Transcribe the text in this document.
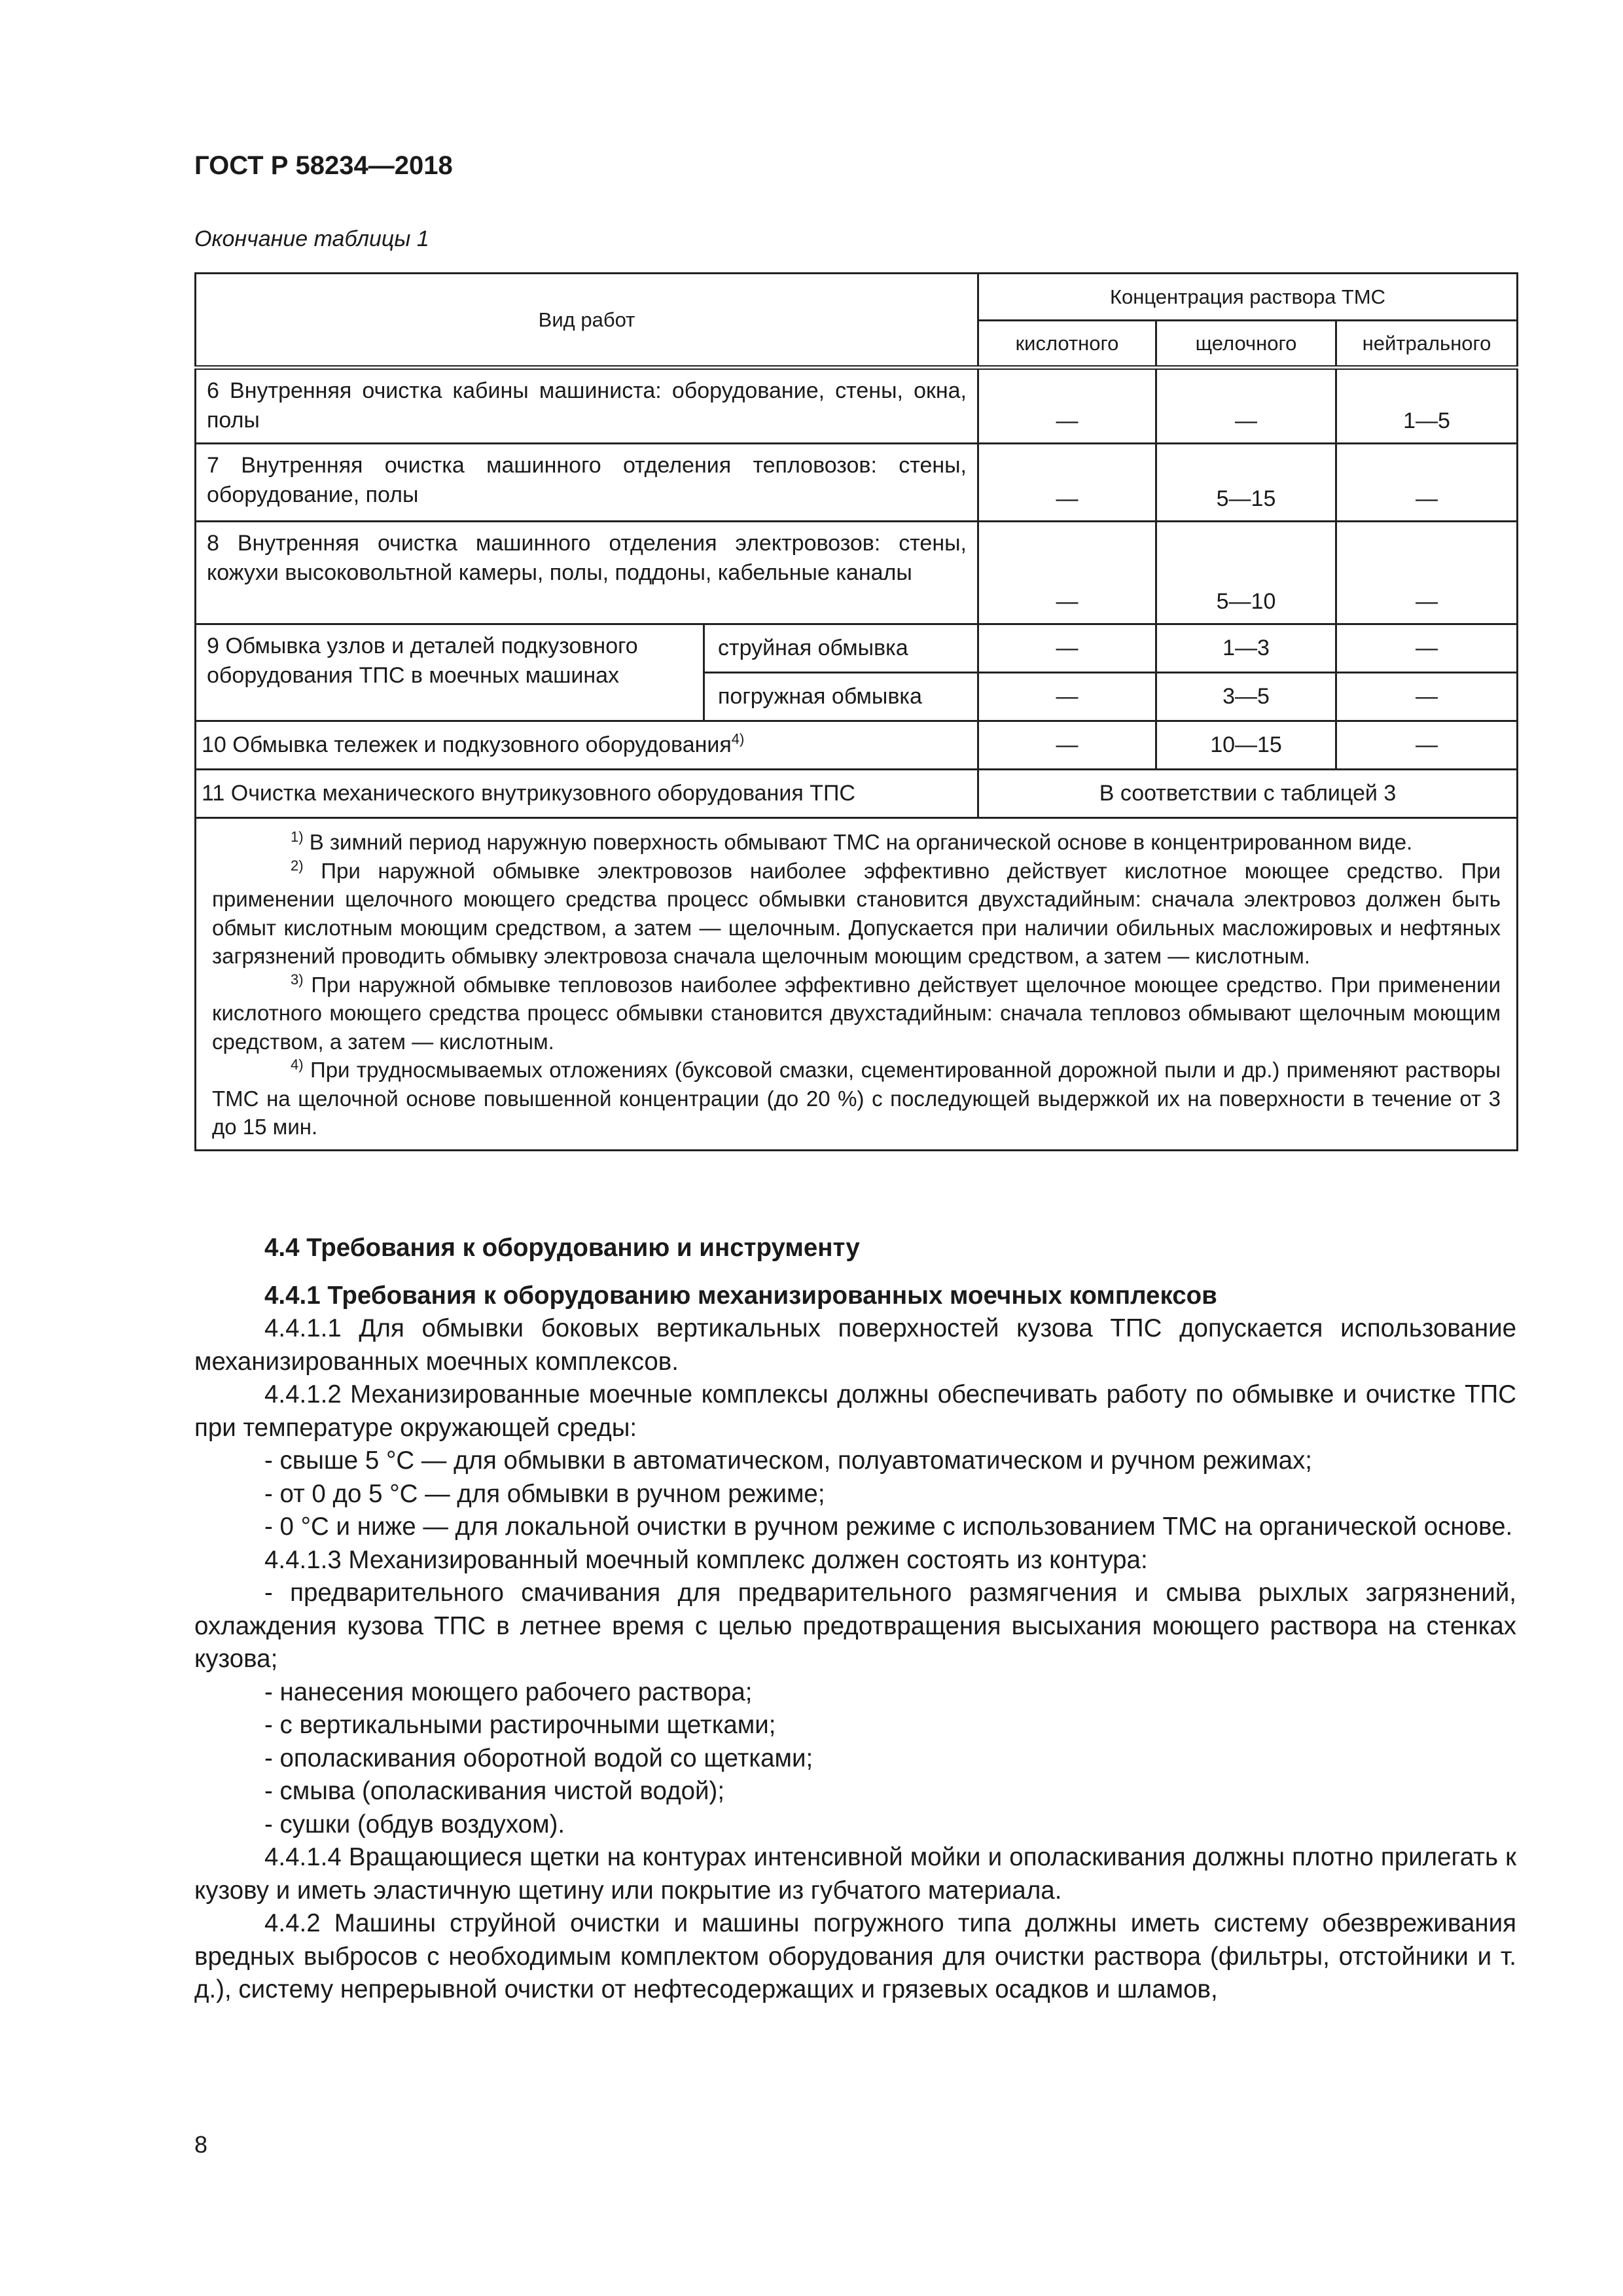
ГОСТ Р 58234—2018
Окончание таблицы 1
Вид работ		Концентрация раствора ТМС		
		кислотного	щелочного	нейтрального
6 Внутренняя очистка кабины машиниста: оборудование, стены, окна, полы		—	—	1—5
7 Внутренняя очистка машинного отделения тепловозов: стены, оборудование, полы		—	5—15	—
8 Внутренняя очистка машинного отделения электровозов: стены, кожухи высоковольтной камеры, полы, поддоны, кабельные каналы		—	5—10	—
9 Обмывка узлов и деталей подкузовного оборудования ТПС в моечных машинах	струйная обмывка	—	1—3	—
	погружная обмывка	—	3—5	—
10 Обмывка тележек и подкузовного оборудования$^{4)}$		—	10—15	—
11 Очистка механического внутрикузовного оборудования ТПС		В соответствии с таблицей 3		

$^{1)}$ В зимний период наружную поверхность обмывают ТМС на органической основе в концентрированном виде.

$^{2)}$ При наружной обмывке электровозов наиболее эффективно действует кислотное моющее средство. При применении щелочного моющего средства процесс обмывки становится двухстадийным: сначала электровоз должен быть обмыт кислотным моющим средством, а затем — щелочным. Допускается при наличии обильных масложировых и нефтяных загрязнений проводить обмывку электровоза сначала щелочным моющим средством, а затем — кислотным.

$^{3)}$ При наружной обмывке тепловозов наиболее эффективно действует щелочное моющее средство. При применении кислотного моющего средства процесс обмывки становится двухстадийным: сначала тепловоз обмывают щелочным моющим средством, а затем — кислотным.

$^{4)}$ При трудносмываемых отложениях (буксовой смазки, сцементированной дорожной пыли и др.) применяют растворы ТМС на щелочной основе повышенной концентрации (до 20 %) с последующей выдержкой их на поверхности в течение от 3 до 15 мин.				

4.4 Требования к оборудованию и инструменту

4.4.1 Требования к оборудованию механизированных моечных комплексов

4.4.1.1 Для обмывки боковых вертикальных поверхностей кузова ТПС допускается использование механизированных моечных комплексов.

4.4.1.2 Механизированные моечные комплексы должны обеспечивать работу по обмывке и очистке ТПС при температуре окружающей среды:

- свыше 5 °С — для обмывки в автоматическом, полуавтоматическом и ручном режимах;

- от 0 до 5 °С — для обмывки в ручном режиме;

- 0 °С и ниже — для локальной очистки в ручном режиме с использованием ТМС на органической основе.

4.4.1.3 Механизированный моечный комплекс должен состоять из контура:

- предварительного смачивания для предварительного размягчения и смыва рыхлых загрязнений, охлаждения кузова ТПС в летнее время с целью предотвращения высыхания моющего раствора на стенках кузова;

- нанесения моющего рабочего раствора;

- с вертикальными растирочными щетками;

- ополаскивания оборотной водой со щетками;

- смыва (ополаскивания чистой водой);

- сушки (обдув воздухом).

4.4.1.4 Вращающиеся щетки на контурах интенсивной мойки и ополаскивания должны плотно прилегать к кузову и иметь эластичную щетину или покрытие из губчатого материала.

4.4.2 Машины струйной очистки и машины погружного типа должны иметь систему обезвреживания вредных выбросов с необходимым комплектом оборудования для очистки раствора (фильтры, отстойники и т. д.), систему непрерывной очистки от нефтесодержащих и грязевых осадков и шламов,

8
